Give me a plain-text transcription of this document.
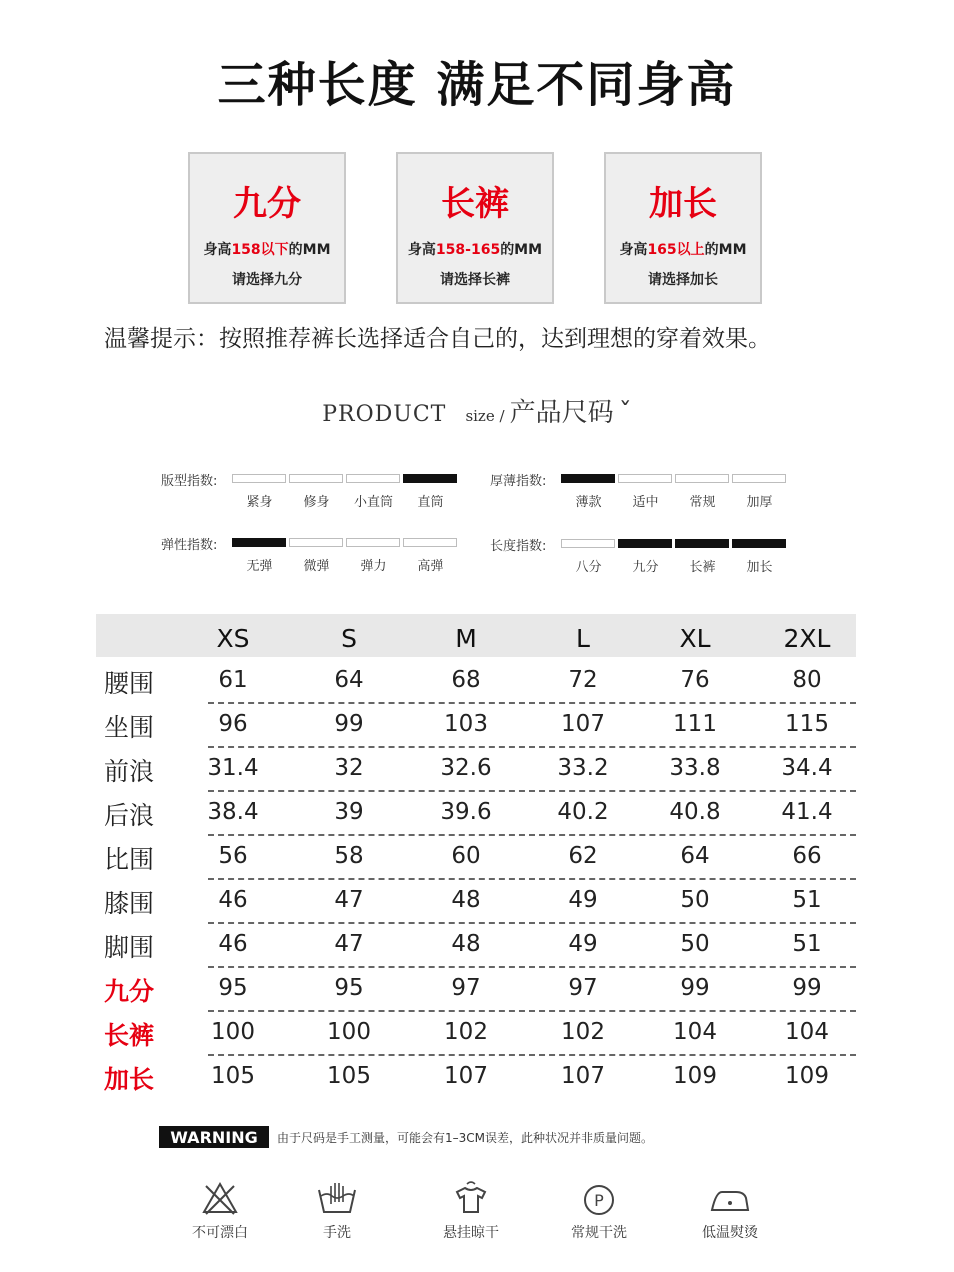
三种长度 满足不同身高
九分
身高158以下的MM
请选择九分
长裤
身高158-165的MM
请选择长裤
加长
身高165以上的MM
请选择加长
温馨提示：按照推荐裤长选择适合自己的，达到理想的穿着效果。
PRODUCT size / 产品尺码 ˇ
版型指数:
紧身	修身	小直筒	直筒
厚薄指数:
薄款	适中	常规	加厚
弹性指数:
无弹	微弹	弹力	高弹
长度指数:
八分	九分	长裤	加长
XS	S	M	L	XL	2XL
腰围	61	64	68	72	76	80
坐围	96	99	103	107	111	115
前浪	31.4	32	32.6	33.2	33.8	34.4
后浪	38.4	39	39.6	40.2	40.8	41.4
比围	56	58	60	62	64	66
膝围	46	47	48	49	50	51
脚围	46	47	48	49	50	51
九分	95	95	97	97	99	99
长裤	100	100	102	102	104	104
加长	105	105	107	107	109	109
WARNING	由于尺码是手工测量，可能会有1–3CM误差，此种状况并非质量问题。
不可漂白	手洗	悬挂晾干
P
常规干洗	低温熨烫
